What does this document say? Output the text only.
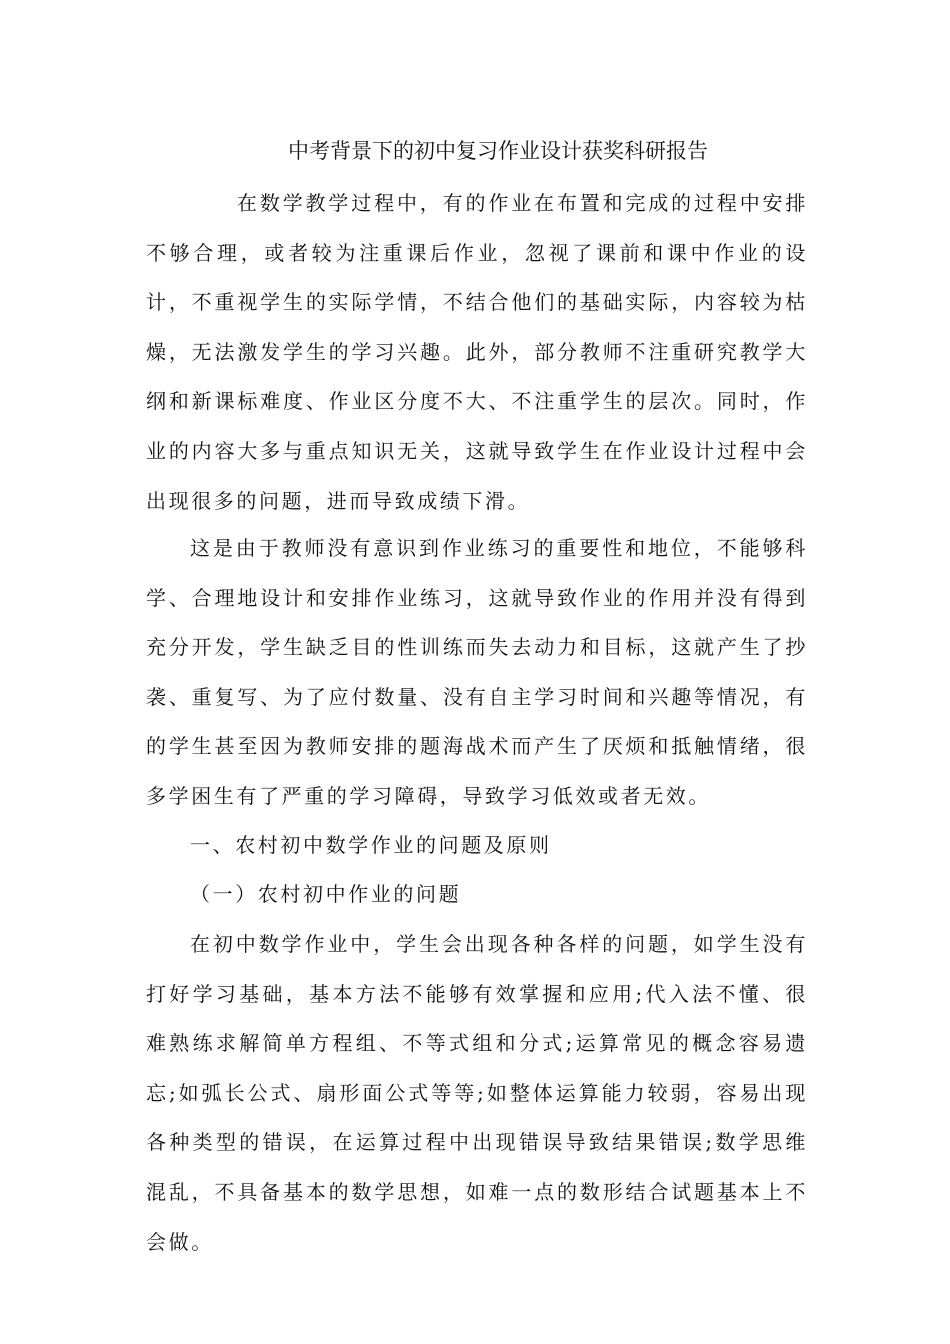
中考背景下的初中复习作业设计获奖科研报告
在数学教学过程中，有的作业在布置和完成的过程中安排不够合理，或者较为注重课后作业，忽视了课前和课中作业的设计，不重视学生的实际学情，不结合他们的基础实际，内容较为枯燥，无法激发学生的学习兴趣。此外，部分教师不注重研究教学大纲和新课标难度、作业区分度不大、不注重学生的层次。同时，作业的内容大多与重点知识无关，这就导致学生在作业设计过程中会出现很多的问题，进而导致成绩下滑。
这是由于教师没有意识到作业练习的重要性和地位，不能够科学、合理地设计和安排作业练习，这就导致作业的作用并没有得到充分开发，学生缺乏目的性训练而失去动力和目标，这就产生了抄袭、重复写、为了应付数量、没有自主学习时间和兴趣等情况，有的学生甚至因为教师安排的题海战术而产生了厌烦和抵触情绪，很多学困生有了严重的学习障碍，导致学习低效或者无效。
一、农村初中数学作业的问题及原则
（一）农村初中作业的问题
在初中数学作业中，学生会出现各种各样的问题，如学生没有打好学习基础，基本方法不能够有效掌握和应用;代入法不懂、很难熟练求解简单方程组、不等式组和分式;运算常见的概念容易遗忘;如弧长公式、扇形面公式等等;如整体运算能力较弱，容易出现各种类型的错误，在运算过程中出现错误导致结果错误;数学思维混乱，不具备基本的数学思想，如难一点的数形结合试题基本上不会做。
